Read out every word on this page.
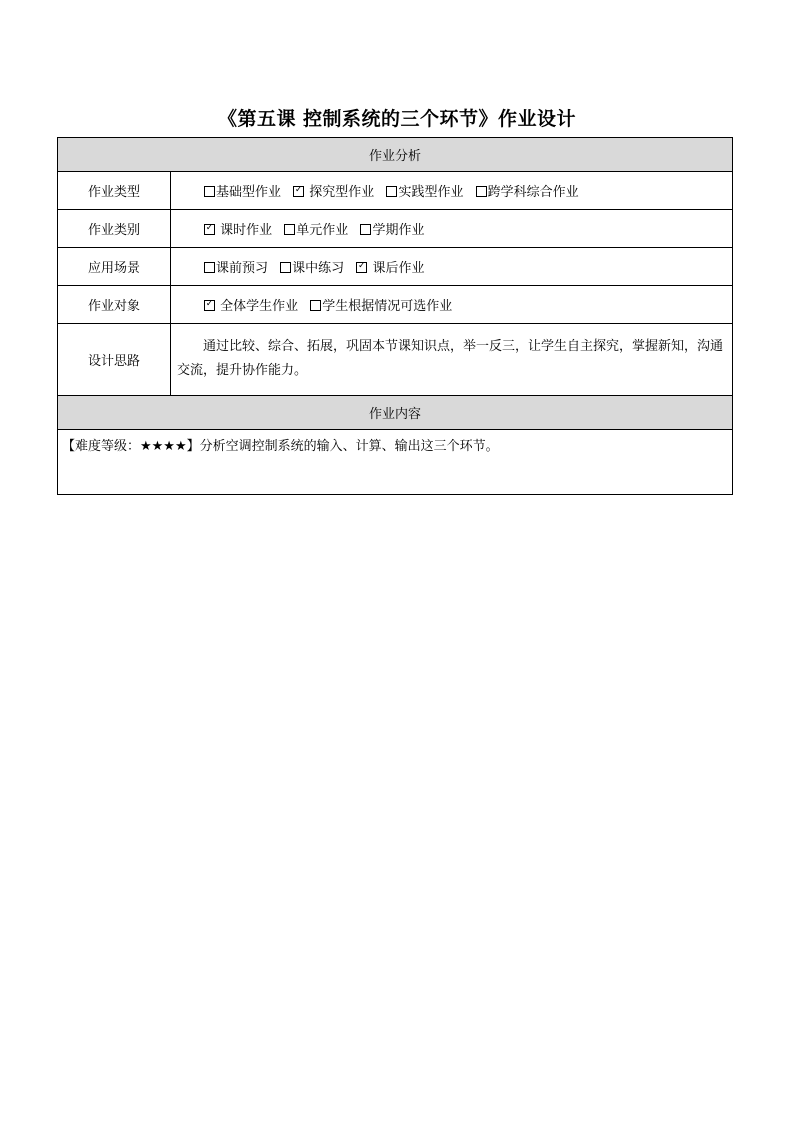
《第五课 控制系统的三个环节》作业设计
作业分析	
作业类型	基础型作业 ✓ 探究型作业 实践型作业 跨学科综合作业
作业类别	✓课时作业 单元作业 学期作业
应用场景	课前预习 课中练习 ✓ 课后作业
作业对象	✓全体学生作业 学生根据情况可选作业
设计思路	通过比较、综合、拓展，巩固本节课知识点，举一反三，让学生自主探究，掌握新知，沟通交流，提升协作能力。

作业内容	
【难度等级：★★★★】分析空调控制系统的输入、计算、输出这三个环节。	
